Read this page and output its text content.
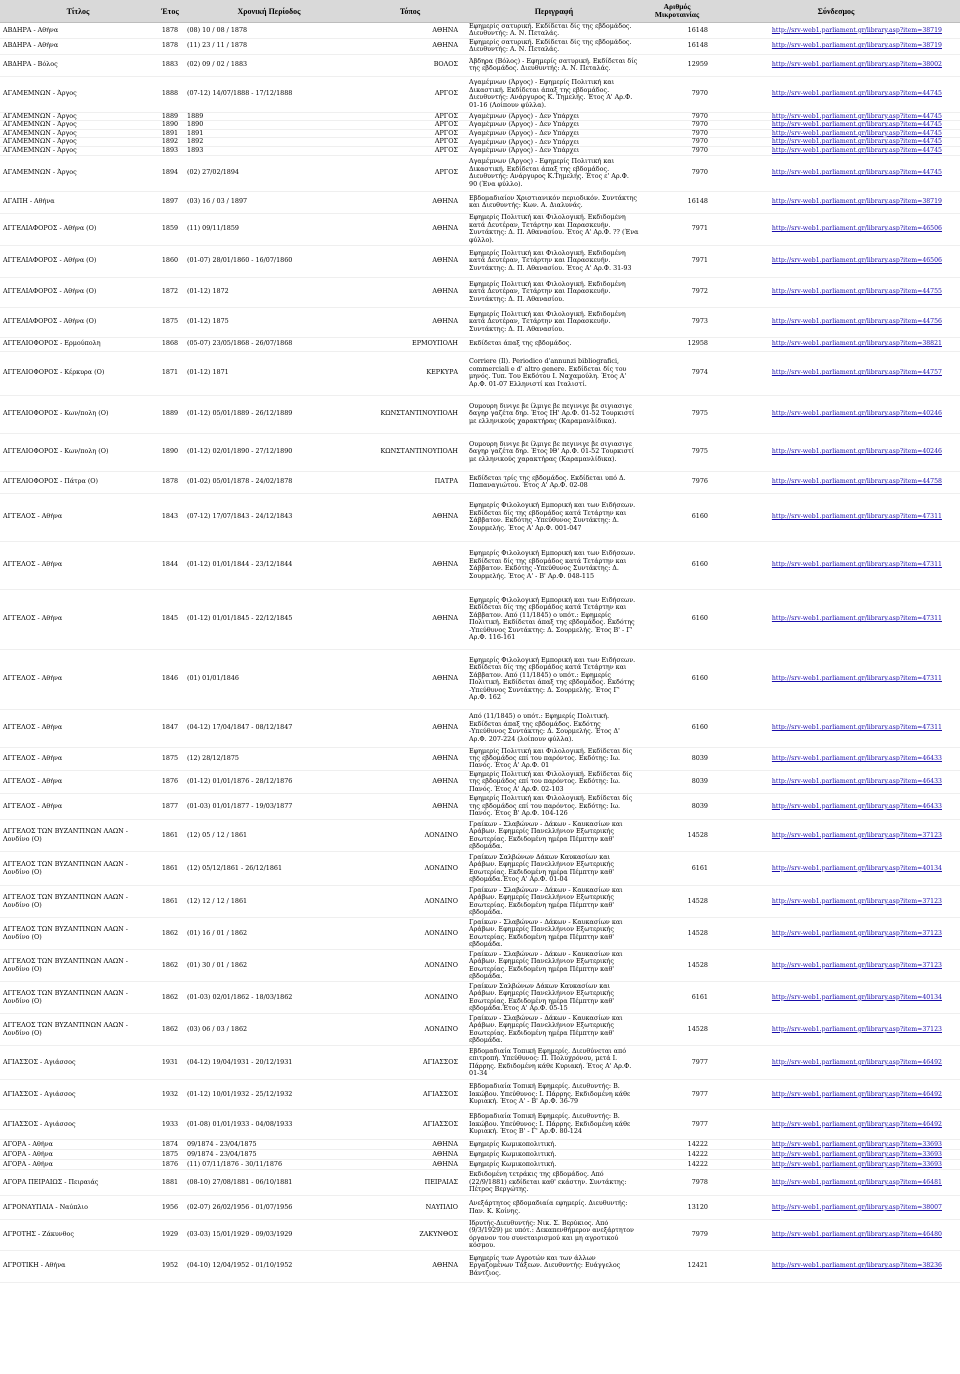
Τίτλος	Έτος	Χρονική Περίοδος	Τόπος	Περιγραφή	Αριθμός Μικροταινίας	Σύνδεσμος
ΑΒΔΗΡΑ - Αθήνα	1878	(08) 10 / 08 / 1878	ΑΘΗΝΑ	Εφημερίς σατυρική. Εκδίδεται δίς της εβδομάδος. Διευθυντής: Α. Ν. Πεταλάς.	16148	http://srv-web1.parliament.gr/library.asp?item=38719
ΑΒΔΗΡΑ - Αθήνα	1878	(11) 23 / 11 / 1878	ΑΘΗΝΑ	Εφημερίς σατυρική. Εκδίδεται δίς της εβδομάδος. Διευθυντής: Α. Ν. Πεταλάς.	16148	http://srv-web1.parliament.gr/library.asp?item=38719
ΑΒΔΗΡΑ - Βόλος	1883	(02) 09 / 02 / 1883	ΒΟΛΟΣ	Άβδηρα (Βόλος) - Εφημερίς σατυρική. Εκδίδεται δίς της εβδομάδος. Διευθυντής: Α. Ν. Πεταλάς.	12959	http://srv-web1.parliament.gr/library.asp?item=38002
ΑΓΑΜΕΜΝΩΝ - Άργος	1888	(07-12) 14/07/1888 - 17/12/1888	ΑΡΓΟΣ	Αγαμέμνων (Άργος) - Εφημερίς Πολιτική και Δικαστική. Εκδίδεται άπαξ της εβδομάδος. Διευθυντής: Ανάργυρος Κ. Τημελής. Έτος Α' Αρ.Φ. 01-16 (Λοίπουν φύλλα).	7970	http://srv-web1.parliament.gr/library.asp?item=44745
ΑΓΑΜΕΜΝΩΝ - Άργος	1889	1889	ΑΡΓΟΣ	Αγαμέμνων (Άργος) - Δεν Υπάρχει	7970	http://srv-web1.parliament.gr/library.asp?item=44745
ΑΓΑΜΕΜΝΩΝ - Άργος	1890	1890	ΑΡΓΟΣ	Αγαμέμνων (Άργος) - Δεν Υπάρχει	7970	http://srv-web1.parliament.gr/library.asp?item=44745
ΑΓΑΜΕΜΝΩΝ - Άργος	1891	1891	ΑΡΓΟΣ	Αγαμέμνων (Άργος) - Δεν Υπάρχει	7970	http://srv-web1.parliament.gr/library.asp?item=44745
ΑΓΑΜΕΜΝΩΝ - Άργος	1892	1892	ΑΡΓΟΣ	Αγαμέμνων (Άργος) - Δεν Υπάρχει	7970	http://srv-web1.parliament.gr/library.asp?item=44745
ΑΓΑΜΕΜΝΩΝ - Άργος	1893	1893	ΑΡΓΟΣ	Αγαμέμνων (Άργος) - Δεν Υπάρχει	7970	http://srv-web1.parliament.gr/library.asp?item=44745
ΑΓΑΜΕΜΝΩΝ - Άργος	1894	(02) 27/02/1894	ΑΡΓΟΣ	Αγαμέμνων (Άργος) - Εφημερίς Πολιτική και Δικαστική. Εκδίδεται άπαξ της εβδομάδος. Διευθυντής: Ανάργυρος Κ.Τημελής. Έτος ε' Αρ.Φ. 90 (Ένα φύλλο).	7970	http://srv-web1.parliament.gr/library.asp?item=44745
ΑΓΑΠΗ - Αθήνα	1897	(03) 16 / 03 / 1897	ΑΘΗΝΑ	Εβδομαδιαίον Χριστιανικόν περιοδικόν. Συντάκτης και Διευθυντής: Κων. Α. Διαλυνάς.	16148	http://srv-web1.parliament.gr/library.asp?item=38719
ΑΓΓΕΛΙΑΦΟΡΟΣ - Αθήνα (Ο)	1859	(11) 09/11/1859	ΑΘΗΝΑ	Εφημερίς Πολιτική και Φιλολογική. Εκδιδομένη κατά Δευτέραν, Τετάρτην και Παρασκευήν. Συντάκτης: Δ. Π. Αθανασίου. Έτος Α' Αρ.Φ. ?? (Ένα φύλλο).	7971	http://srv-web1.parliament.gr/library.asp?item=46506
ΑΓΓΕΛΙΑΦΟΡΟΣ - Αθήνα (Ο)	1860	(01-07) 28/01/1860 - 16/07/1860	ΑΘΗΝΑ	Εφημερίς Πολιτική και Φιλολογική. Εκδιδομένη κατά Δευτέραν, Τετάρτην και Παρασκευήν. Συντάκτης: Δ. Π. Αθανασίου. Έτος Α' Αρ.Φ. 31-93	7971	http://srv-web1.parliament.gr/library.asp?item=46506
ΑΓΓΕΛΙΑΦΟΡΟΣ - Αθήνα (Ο)	1872	(01-12) 1872	ΑΘΗΝΑ	Εφημερίς Πολιτική και Φιλολογική. Εκδιδομένη κατά Δευτέραν, Τετάρτην και Παρασκευήν. Συντάκτης: Δ. Π. Αθανασίου.	7972	http://srv-web1.parliament.gr/library.asp?item=44755
ΑΓΓΕΛΙΑΦΟΡΟΣ - Αθήνα (Ο)	1875	(01-12) 1875	ΑΘΗΝΑ	Εφημερίς Πολιτική και Φιλολογική. Εκδιδομένη κατά Δευτέραν, Τετάρτην και Παρασκευήν. Συντάκτης: Δ. Π. Αθανασίου.	7973	http://srv-web1.parliament.gr/library.asp?item=44756
ΑΓΓΕΛΙΟΦΟΡΟΣ - Ερμούπολη	1868	(05-07) 23/05/1868 - 26/07/1868	ΕΡΜΟΥΠΟΛΗ	Εκδίδεται άπαξ της εβδομάδος.	12958	http://srv-web1.parliament.gr/library.asp?item=38821
ΑΓΓΕΛΙΟΦΟΡΟΣ - Κέρκυρα (Ο)	1871	(01-12) 1871	ΚΕΡΚΥΡΑ	Corriere (Il). Periodico d'annunzi bibliografici, commerciali e d' altro genere. Εκδίδεται δίς του μηνός. Τυπ. Του Εκδότου Ι. Ναχαμούλη. Έτος Α' Αρ.Φ. 01-07 Ελληνιστί και Ιταλιστί.	7974	http://srv-web1.parliament.gr/library.asp?item=44757
ΑΓΓΕΛΙΟΦΟΡΟΣ - Κων/πολη (Ο)	1889	(01-12) 05/01/1889 - 26/12/1889	ΚΩΝΣΤΑΝΤΙΝΟΥΠΟΛΗ	Ουμουρη δινιγε βε ίλμιγε βε πεγινιγε βε σιγιασιγε δαγηρ γαζέτα δηρ. Έτος ΙΗ' Αρ.Φ. 01-52 Τουρκιστί με ελληνικούς χαρακτήρας (Καραμανλίδικα).	7975	http://srv-web1.parliament.gr/library.asp?item=40246
ΑΓΓΕΛΙΟΦΟΡΟΣ - Κων/πολη (Ο)	1890	(01-12) 02/01/1890 - 27/12/1890	ΚΩΝΣΤΑΝΤΙΝΟΥΠΟΛΗ	Ουμουρη δινιγε βε ίλμιγε βε πεγινιγε βε σιγιασιγε δαγηρ γαζέτα δηρ. Έτος ΙΘ' Αρ.Φ. 01-52 Τουρκιστί με ελληνικούς χαρακτήρας (Καραμανλίδικα).	7975	http://srv-web1.parliament.gr/library.asp?item=40246
ΑΓΓΕΛΙΟΦΟΡΟΣ - Πάτρα (Ο)	1878	(01-02) 05/01/1878 - 24/02/1878	ΠΑΤΡΑ	Εκδίδεται τρίς της εβδομάδος. Εκδίδεται υπό Δ. Παπαναγιώτου. Έτος Α' Αρ.Φ. 02-08	7976	http://srv-web1.parliament.gr/library.asp?item=44758
ΑΓΓΕΛΟΣ - Αθήνα	1843	(07-12) 17/07/1843 - 24/12/1843	ΑΘΗΝΑ	Εφημερίς Φιλολογική Εμπορική και των Ειδήσεων. Εκδίδεται δίς της εβδομάδος κατά Τετάρτην και Σάββατον. Εκδότης -Υπεύθυνος Συντάκτης: Δ. Σουρμελής. Έτος Α' Αρ.Φ. 001-047	6160	http://srv-web1.parliament.gr/library.asp?item=47311
ΑΓΓΕΛΟΣ - Αθήνα	1844	(01-12) 01/01/1844 - 23/12/1844	ΑΘΗΝΑ	Εφημερίς Φιλολογική Εμπορική και των Ειδήσεων. Εκδίδεται δίς της εβδομάδος κατά Τετάρτην και Σάββατον. Εκδότης -Υπεύθυνος Συντάκτης: Δ. Σουρμελής. Έτος Α' - Β' Αρ.Φ. 048-115	6160	http://srv-web1.parliament.gr/library.asp?item=47311
ΑΓΓΕΛΟΣ - Αθήνα	1845	(01-12) 01/01/1845 - 22/12/1845	ΑΘΗΝΑ	Εφημερίς Φιλολογική Εμπορική και των Ειδήσεων. Εκδίδεται δίς της εβδομάδος κατά Τετάρτην και Σάββατον. Από (11/1845) ο υπότ.: Εφημερίς Πολιτική. Εκδίδεται άπαξ της εβδομάδος. Εκδότης -Υπεύθυνος Συντάκτης: Δ. Σουρμελής. Έτος Β' - Γ' Αρ.Φ. 116-161	6160	http://srv-web1.parliament.gr/library.asp?item=47311
ΑΓΓΕΛΟΣ - Αθήνα	1846	(01) 01/01/1846	ΑΘΗΝΑ	Εφημερίς Φιλολογική Εμπορική και των Ειδήσεων. Εκδίδεται δίς της εβδομάδος κατά Τετάρτην και Σάββατον. Από (11/1845) ο υπότ.: Εφημερίς Πολιτική. Εκδίδεται άπαξ της εβδομάδος. Εκδότης -Υπεύθυνος Συντάκτης: Δ. Σουρμελής. Έτος Γ' Αρ.Φ. 162	6160	http://srv-web1.parliament.gr/library.asp?item=47311
ΑΓΓΕΛΟΣ - Αθήνα	1847	(04-12) 17/04/1847 - 08/12/1847	ΑΘΗΝΑ	Από (11/1845) ο υπότ.: Εφημερίς Πολιτική. Εκδίδεται άπαξ της εβδομάδος. Εκδότης -Υπεύθυνος Συντάκτης: Δ. Σουρμελής. Έτος Δ' Αρ.Φ. 207-224 (λοίπουν φύλλα).	6160	http://srv-web1.parliament.gr/library.asp?item=47311
ΑΓΓΕΛΟΣ - Αθήνα	1875	(12) 28/12/1875	ΑΘΗΝΑ	Εφημερίς Πολιτική και Φιλολογική. Εκδίδεται δίς της εβδομάδος επί του παρόντος. Εκδότης: Ιω. Πανός. Έτος Α' Αρ.Φ. 01	8039	http://srv-web1.parliament.gr/library.asp?item=46433
ΑΓΓΕΛΟΣ - Αθήνα	1876	(01-12) 01/01/1876 - 28/12/1876	ΑΘΗΝΑ	Εφημερίς Πολιτική και Φιλολογική. Εκδίδεται δίς της εβδομάδος επί του παρόντος. Εκδότης: Ιω. Πανός. Έτος Α' Αρ.Φ. 02-103	8039	http://srv-web1.parliament.gr/library.asp?item=46433
ΑΓΓΕΛΟΣ - Αθήνα	1877	(01-03) 01/01/1877 - 19/03/1877	ΑΘΗΝΑ	Εφημερίς Πολιτική και Φιλολογική. Εκδίδεται δίς της εβδομάδος επί του παρόντος. Εκδότης: Ιω. Πανός. Έτος Β' Αρ.Φ. 104-126	8039	http://srv-web1.parliament.gr/library.asp?item=46433
ΑΓΓΕΛΟΣ ΤΩΝ ΒΥΖΑΝΤΙΝΩΝ ΛΑΩΝ - Λονδίνο (Ο)	1861	(12) 05 / 12 / 1861	ΛΟΝΔΙΝΟ	Γραίκων - Σλαβώνων - Δάκων - Καυκασίων και Αράβων. Εφημερίς Πανελλήνιον Εξωτερικής Εσωτερίας. Εκδιδομένη ημέρα Πέμπτην καθ' εβδομάδα.	14528	http://srv-web1.parliament.gr/library.asp?item=37123
ΑΓΓΕΛΟΣ ΤΩΝ ΒΥΖΑΝΤΙΝΩΝ ΛΑΩΝ - Λονδίνο (Ο)	1861	(12) 05/12/1861 - 26/12/1861	ΛΟΝΔΙΝΟ	Γραίκων Σαλβώνων Δάκων Καυκασίων και Αράβων. Εφημερίς Πανελλήνιον Εξωτερικής Εσωτερίας. Εκδιδομένη ημέρα Πέμπτην καθ' εβδομάδα.Έτος Α' Αρ.Φ. 01-04	6161	http://srv-web1.parliament.gr/library.asp?item=40134
ΑΓΓΕΛΟΣ ΤΩΝ ΒΥΖΑΝΤΙΝΩΝ ΛΑΩΝ - Λονδίνο (Ο)	1861	(12) 12 / 12 / 1861	ΛΟΝΔΙΝΟ	Γραίκων - Σλαβώνων - Δάκων - Καυκασίων και Αράβων. Εφημερίς Πανελλήνιον Εξωτερικής Εσωτερίας. Εκδιδομένη ημέρα Πέμπτην καθ' εβδομάδα.	14528	http://srv-web1.parliament.gr/library.asp?item=37123
ΑΓΓΕΛΟΣ ΤΩΝ ΒΥΖΑΝΤΙΝΩΝ ΛΑΩΝ - Λονδίνο (Ο)	1862	(01) 16 / 01 / 1862	ΛΟΝΔΙΝΟ	Γραίκων - Σλαβώνων - Δάκων - Καυκασίων και Αράβων. Εφημερίς Πανελλήνιον Εξωτερικής Εσωτερίας. Εκδιδομένη ημέρα Πέμπτην καθ' εβδομάδα.	14528	http://srv-web1.parliament.gr/library.asp?item=37123
ΑΓΓΕΛΟΣ ΤΩΝ ΒΥΖΑΝΤΙΝΩΝ ΛΑΩΝ - Λονδίνο (Ο)	1862	(01) 30 / 01 / 1862	ΛΟΝΔΙΝΟ	Γραίκων - Σλαβώνων - Δάκων - Καυκασίων και Αράβων. Εφημερίς Πανελλήνιον Εξωτερικής Εσωτερίας. Εκδιδομένη ημέρα Πέμπτην καθ' εβδομάδα.	14528	http://srv-web1.parliament.gr/library.asp?item=37123
ΑΓΓΕΛΟΣ ΤΩΝ ΒΥΖΑΝΤΙΝΩΝ ΛΑΩΝ - Λονδίνο (Ο)	1862	(01-03) 02/01/1862 - 18/03/1862	ΛΟΝΔΙΝΟ	Γραίκων Σαλβώνων Δάκων Καυκασίων και Αράβων. Εφημερίς Πανελλήνιον Εξωτερικής Εσωτερίας. Εκδιδομένη ημέρα Πέμπτην καθ' εβδομάδα.Έτος Α' Αρ.Φ. 05-15	6161	http://srv-web1.parliament.gr/library.asp?item=40134
ΑΓΓΕΛΟΣ ΤΩΝ ΒΥΖΑΝΤΙΝΩΝ ΛΑΩΝ - Λονδίνο (Ο)	1862	(03) 06 / 03 / 1862	ΛΟΝΔΙΝΟ	Γραίκων - Σλαβώνων - Δάκων - Καυκασίων και Αράβων. Εφημερίς Πανελλήνιον Εξωτερικής Εσωτερίας. Εκδιδομένη ημέρα Πέμπτην καθ' εβδομάδα.	14528	http://srv-web1.parliament.gr/library.asp?item=37123
ΑΓΙΑΣΣΟΣ - Αγιάσσος	1931	(04-12) 19/04/1931 - 20/12/1931	ΑΓΙΑΣΣΟΣ	Εβδομαδιαία Τοπική Εφημερίς. Διευθύνεται από επιτροπή. Υπεύθυνος: Π. Πολυχρόνου, μετά Ι. Πάρρης. Εκδιδομένη κάθε Κυριακή. Έτος Α' Αρ.Φ. 01-34	7977	http://srv-web1.parliament.gr/library.asp?item=46492
ΑΓΙΑΣΣΟΣ - Αγιάσσος	1932	(01-12) 10/01/1932 - 25/12/1932	ΑΓΙΑΣΣΟΣ	Εβδομαδιαία Τοπική Εφημερίς. Διευθυντής: Β. Ιακώβου. Υπεύθυνος: Ι. Πάρρης. Εκδιδομένη κάθε Κυριακή. Έτος Α' - Β' Αρ.Φ. 36-79	7977	http://srv-web1.parliament.gr/library.asp?item=46492
ΑΓΙΑΣΣΟΣ - Αγιάσσος	1933	(01-08) 01/01/1933 - 04/08/1933	ΑΓΙΑΣΣΟΣ	Εβδομαδιαία Τοπική Εφημερίς. Διευθυντής: Β. Ιακώβου. Υπεύθυνος: Ι. Πάρρης. Εκδιδομένη κάθε Κυριακή. Έτος Β' - Γ' Αρ.Φ. 80-124	7977	http://srv-web1.parliament.gr/library.asp?item=46492
ΑΓΟΡΑ - Αθήνα	1874	09/1874 - 23/04/1875	ΑΘΗΝΑ	Εφημερίς Κωμικοπολιτική.	14222	http://srv-web1.parliament.gr/library.asp?item=33693
ΑΓΟΡΑ - Αθήνα	1875	09/1874 - 23/04/1875	ΑΘΗΝΑ	Εφημερίς Κωμικοπολιτική.	14222	http://srv-web1.parliament.gr/library.asp?item=33693
ΑΓΟΡΑ - Αθήνα	1876	(11) 07/11/1876 - 30/11/1876	ΑΘΗΝΑ	Εφημερίς Κωμικοπολιτική.	14222	http://srv-web1.parliament.gr/library.asp?item=33693
ΑΓΟΡΑ ΠΕΙΡΑΙΩΣ - Πειραιάς	1881	(08-10) 27/08/1881 - 06/10/1881	ΠΕΙΡΑΙΑΣ	Εκδιδομένη τετράκις της εβδομάδος. Από (22/9/1881) εκδίδεται καθ' εκάστην. Συντάκτης: Πέτρος Βεργώτης.	7978	http://srv-web1.parliament.gr/library.asp?item=46481
ΑΓΡΟΝΑΥΠΛΙΑ - Ναύπλιο	1956	(02-07) 26/02/1956 - 01/07/1956	ΝΑΥΠΛΙΟ	Ανεξάρτητος εβδομαδιαία εφημερίς. Διευθυντής: Παν. Κ. Κοίνης.	13120	http://srv-web1.parliament.gr/library.asp?item=38007
ΑΓΡΟΤΗΣ - Ζάκυνθος	1929	(03-03) 15/01/1929 - 09/03/1929	ΖΑΚΥΝΘΟΣ	Ιδρυτής-Διευθυντής: Νικ. Σ. Βερύκιος. Από (9/3/1929) με υπότ.: Δεκαπενθήμερον ανεξάρτητον όργανον του συνεταιρισμού και μη αγροτικού κόσμου.	7979	http://srv-web1.parliament.gr/library.asp?item=46480
ΑΓΡΟΤΙΚΗ - Αθήνα	1952	(04-10) 12/04/1952 - 01/10/1952	ΑΘΗΝΑ	Εφημερίς των Αγροτών και των άλλων Εργαζομένων Τάξεων. Διευθυντής: Ευάγγελος Βάντζιος.	12421	http://srv-web1.parliament.gr/library.asp?item=38236
